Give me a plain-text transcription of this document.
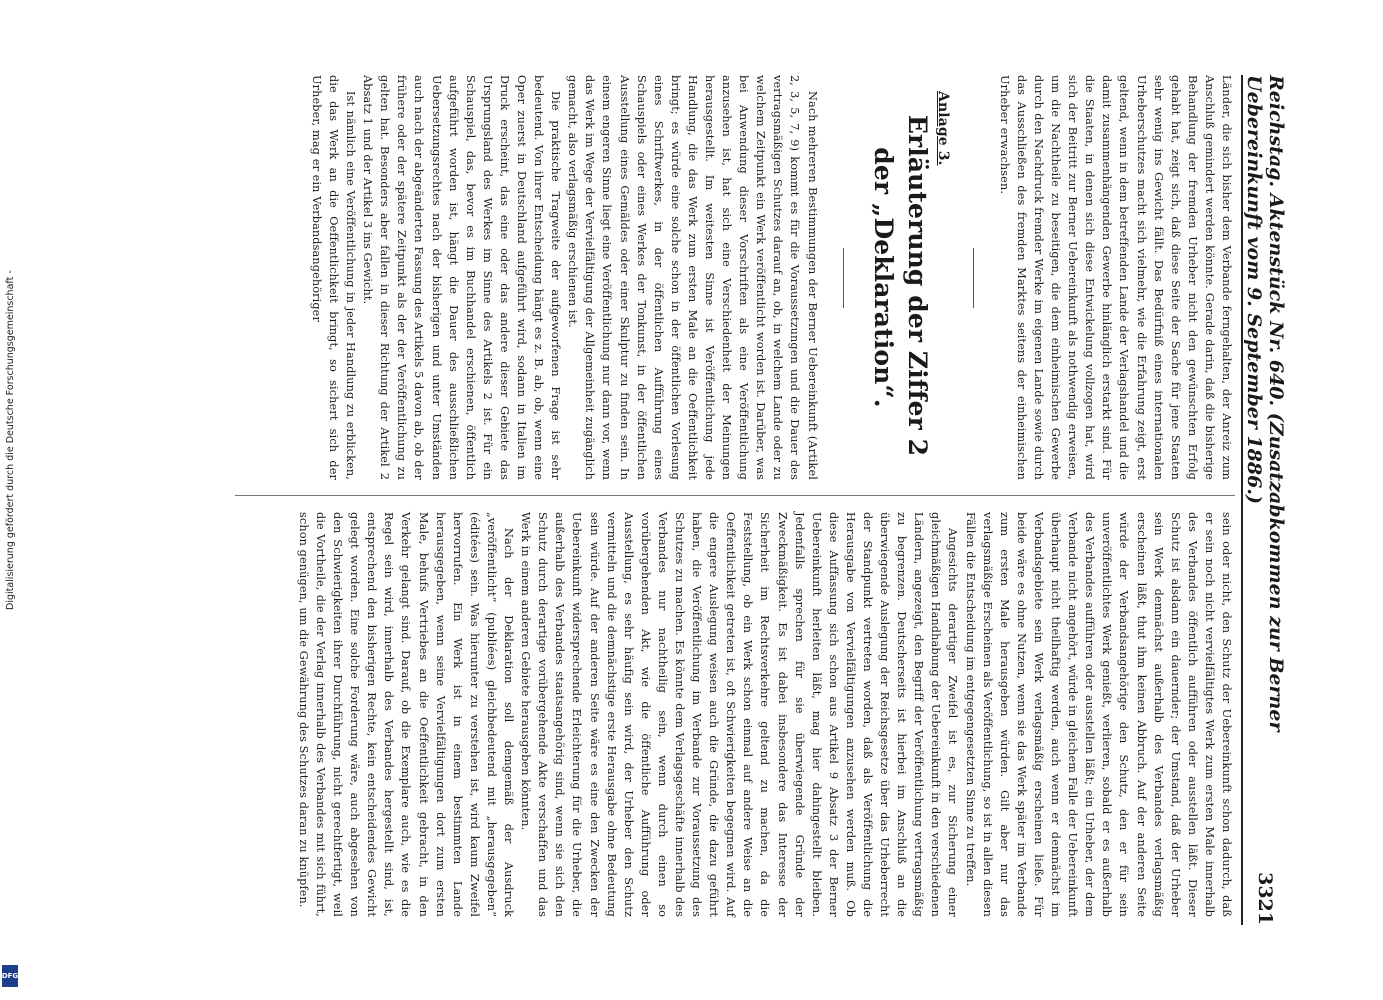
Digitalisierung gefördert durch die Deutsche Forschungsgemeinschaft -
DFG
Reichstag. Aktenstück Nr. 640. (Zusatzabkommen zur Berner Uebereinkunft vom 9. September 1886.)
3321

Länder, die sich bisher dem Verbande ferngehalten, der Anreiz zum Anschluß gemindert werden könnte. Gerade darin, daß die bisherige Behandlung der fremden Urheber nicht den gewünschten Erfolg gehabt hat, zeigt sich, daß diese Seite der Sache für jene Staaten sehr wenig ins Gewicht fällt. Das Bedürfniß eines internationalen Urheberschutzes macht sich vielmehr, wie die Erfahrung zeigt, erst geltend, wenn in dem betreffenden Lande der Verlagshandel und die damit zusammenhängenden Gewerbe hinlänglich erstarkt sind. Für die Staaten, in denen sich diese Entwickelung vollzogen hat, wird sich der Beitritt zur Berner Uebereinkunft als nothwendig erweisen, um die Nachtheile zu beseitigen, die dem einheimischen Gewerbe durch den Nachdruck fremder Werke im eigenen Lande sowie durch das Ausschließen des fremden Marktes seitens der einheimischen Urheber erwachsen.

Anlage 3.

Erläuterung der Ziffer 2 der „Deklaration“.

Nach mehreren Bestimmungen der Berner Uebereinkunft (Artikel 2, 3, 5, 7, 9) kommt es für die Voraussetzungen und die Dauer des vertragsmäßigen Schutzes darauf an, ob, in welchem Lande oder zu welchem Zeitpunkt ein Werk veröffentlicht worden ist. Darüber, was bei Anwendung dieser Vorschriften als eine Veröffentlichung anzusehen ist, hat sich eine Verschiedenheit der Meinungen herausgestellt. Im weitesten Sinne ist Veröffentlichung jede Handlung, die das Werk zum ersten Male an die Oeffentlichkeit bringt; es würde eine solche schon in der öffentlichen Vorlesung eines Schriftwerkes, in der öffentlichen Aufführung eines Schauspiels oder eines Werkes der Tonkunst, in der öffentlichen Ausstellung eines Gemäldes oder einer Skulptur zu finden sein. In einem engeren Sinne liegt eine Veröffentlichung nur dann vor, wenn das Werk im Wege der Vervielfältigung der Allgemeinheit zugänglich gemacht, also verlagsmäßig erschienen ist.

Die praktische Tragweite der aufgeworfenen Frage ist sehr bedeutend. Von ihrer Entscheidung hängt es z. B. ab, ob, wenn eine Oper zuerst in Deutschland aufgeführt wird, sodann in Italien im Druck erscheint, das eine oder das andere dieser Gebiete das Ursprungsland des Werkes im Sinne des Artikels 2 ist. Für ein Schauspiel, das, bevor es im Buchhandel erschienen, öffentlich aufgeführt worden ist, hängt die Dauer des ausschließlichen Uebersetzungsrechtes nach der bisherigen und unter Umständen auch nach der abgeänderten Fassung des Artikels 5 davon ab, ob der frühere oder der spätere Zeitpunkt als der der Veröffentlichung zu gelten hat. Besonders aber fallen in dieser Richtung der Artikel 2 Absatz 1 und der Artikel 3 ins Gewicht.

Ist nämlich eine Veröffentlichung in jeder Handlung zu erblicken, die das Werk an die Oeffentlichkeit bringt, so sichert sich der Urheber, mag er ein Verbandsangehöriger

sein oder nicht, den Schutz der Uebereinkunft schon dadurch, daß er sein noch nicht vervielfältigtes Werk zum ersten Male innerhalb des Verbandes öffentlich aufführen oder ausstellen läßt. Dieser Schutz ist alsdann ein dauernder; der Umstand, daß der Urheber sein Werk demnächst außerhalb des Verbandes verlagsmäßig erscheinen läßt, thut ihm keinen Abbruch. Auf der anderen Seite würde der Verbandsangehörige den Schutz, den er für sein unveröffentlichtes Werk genießt, verlieren, sobald er es außerhalb des Verbandes aufführen oder ausstellen läßt; ein Urheber, der dem Verbande nicht angehört, würde in gleichem Falle der Uebereinkunft überhaupt nicht theilhaftig werden, auch wenn er demnächst im Verbandsgebiete sein Werk verlagsmäßig erscheinen ließe. Für beide wäre es ohne Nutzen, wenn sie das Werk später im Verbande zum ersten Male herausgeben würden. Gilt aber nur das verlagsmäßige Erscheinen als Veröffentlichung, so ist in allen diesen Fällen die Entscheidung im entgegengesetzten Sinne zu treffen.

Angesichts derartiger Zweifel ist es, zur Sicherung einer gleichmäßigen Handhabung der Uebereinkunft in den verschiedenen Ländern, angezeigt, den Begriff der Veröffentlichung vertragsmäßig zu begrenzen. Deutscherseits ist hierbei im Anschluß an die überwiegende Auslegung der Reichsgesetze über das Urheberrecht der Standpunkt vertreten worden, daß als Veröffentlichung die Herausgabe von Vervielfältigungen anzusehen werden muß. Ob diese Auffassung sich schon aus Artikel 9 Absatz 3 der Berner Uebereinkunft herleiten läßt, mag hier dahingestellt bleiben. Jedenfalls sprechen für sie überwiegende Gründe der Zweckmäßigkeit. Es ist dabei insbesondere das Interesse der Sicherheit im Rechtsverkehre geltend zu machen, da die Feststellung, ob ein Werk schon einmal auf andere Weise an die Oeffentlichkeit getreten ist, oft Schwierigkeiten begegnen wird. Auf die engere Auslegung weisen auch die Gründe, die dazu geführt haben, die Veröffentlichung im Verbande zur Voraussetzung des Schutzes zu machen. Es könnte dem Verlagsgeschäfte innerhalb des Verbandes nur nachtheilig sein, wenn durch einen so vorübergehenden Akt, wie die öffentliche Aufführung oder Ausstellung, es sehr häufig sein wird, der Urheber den Schutz vermitteln und die demnächstige erste Herausgabe ohne Bedeutung sein würde. Auf der anderen Seite wäre es eine den Zwecken der Uebereinkunft widersprechende Erleichterung für die Urheber, die außerhalb des Verbandes staatsangehörig sind, wenn sie sich den Schutz durch derartige vorübergehende Akte verschaffen und das Werk in einem anderen Gebiete herausgeben könnten.

Nach der Deklaration soll demgemäß der Ausdruck „veröffentlicht“ (publiées) gleichbedeutend mit „herausgegeben“ (éditées) sein. Was hierunter zu verstehen ist, wird kaum Zweifel hervorrufen. Ein Werk ist in einem bestimmten Lande herausgegeben, wenn seine Vervielfältigungen dort zum ersten Male, behufs Vertriebes an die Oeffentlichkeit gebracht, in den Verkehr gelangt sind. Darauf, ob die Exemplare auch, wie es die Regel sein wird, innerhalb des Verbandes hergestellt sind, ist, entsprechend den bisherigen Rechte, kein entscheidendes Gewicht gelegt worden. Eine solche Forderung wäre, auch abgesehen von den Schwierigkeiten ihrer Durchführung, nicht gerechtfertigt, weil die Vortheile, die der Verlag innerhalb des Verbandes mit sich führt, schon genügen, um die Gewährung des Schutzes daran zu knüpfen.
